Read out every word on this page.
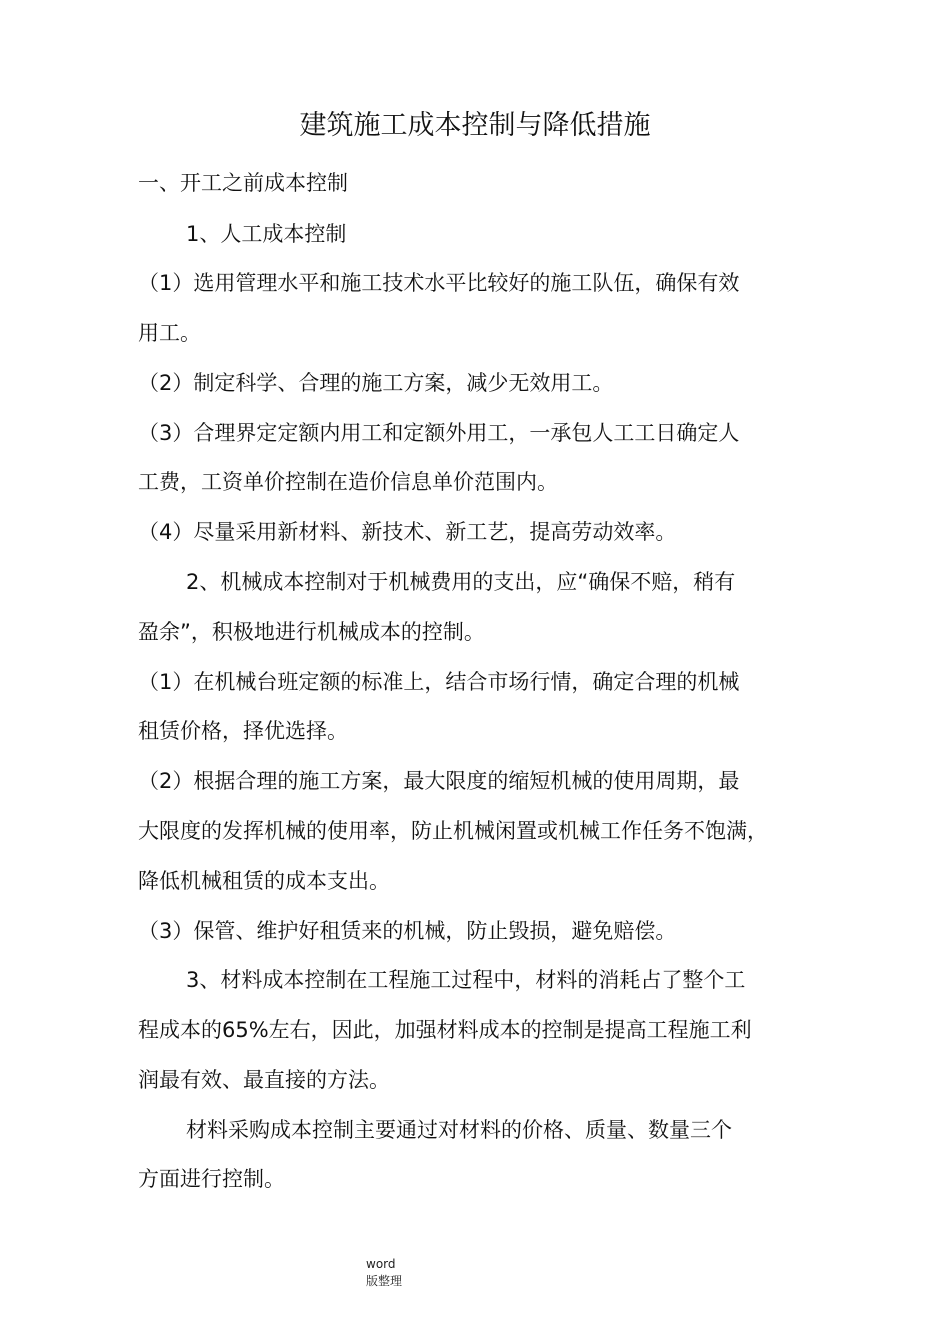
建筑施工成本控制与降低措施
一、开工之前成本控制
1、人工成本控制
（1）选用管理水平和施工技术水平比较好的施工队伍，确保有效
用工。
（2）制定科学、合理的施工方案，减少无效用工。
（3）合理界定定额内用工和定额外用工，一承包人工工日确定人
工费，工资单价控制在造价信息单价范围内。
（4）尽量采用新材料、新技术、新工艺，提高劳动效率。
2、机械成本控制对于机械费用的支出，应“确保不赔，稍有
盈余”，积极地进行机械成本的控制。
（1）在机械台班定额的标准上，结合市场行情，确定合理的机械
租赁价格，择优选择。
（2）根据合理的施工方案，最大限度的缩短机械的使用周期，最
大限度的发挥机械的使用率，防止机械闲置或机械工作任务不饱满，
降低机械租赁的成本支出。
（3）保管、维护好租赁来的机械，防止毁损，避免赔偿。
3、材料成本控制在工程施工过程中，材料的消耗占了整个工
程成本的65%左右，因此，加强材料成本的控制是提高工程施工利
润最有效、最直接的方法。
材料采购成本控制主要通过对材料的价格、质量、数量三个
方面进行控制。
word
版整理
